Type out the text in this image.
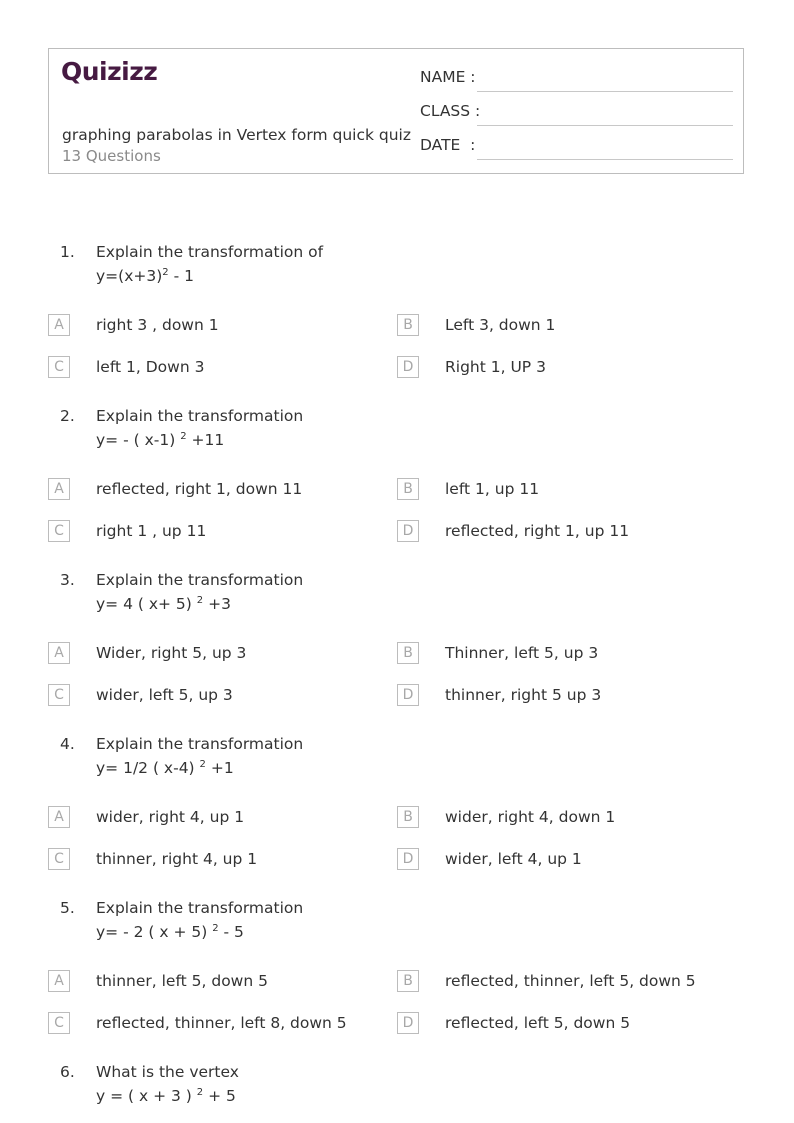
Quizizz
graphing parabolas in Vertex form quick quiz
13 Questions
NAME :
CLASS :
DATE  :
1. Explain the transformation of
$y=(x+3)^2 - 1$
A	right 3 , down 1	B	Left 3, down 1
C	left 1, Down 3	D	Right 1, UP 3
2. Explain the transformation
y= - ( x-1) $^2$ +11
A	reflected, right 1, down 11	B	left 1, up 11
C	right 1 , up 11	D	reflected, right 1, up 11
3. Explain the transformation
y= 4 ( x+ 5) $^2$ +3
A	Wider, right 5, up 3	B	Thinner, left 5, up 3
C	wider, left 5, up 3	D	thinner, right 5 up 3
4. Explain the transformation
y= 1/2 ( x-4) $^2$ +1
A	wider, right 4, up 1	B	wider, right 4, down 1
C	thinner, right 4, up 1	D	wider, left 4, up 1
5. Explain the transformation
y= - 2 ( x + 5) $^2$ - 5
A	thinner, left 5, down 5	B	reflected, thinner, left 5, down 5
C	reflected, thinner, left 8, down 5	D	reflected, left 5, down 5
6. What is the vertex
y = ( x + 3 ) $^2$ + 5
